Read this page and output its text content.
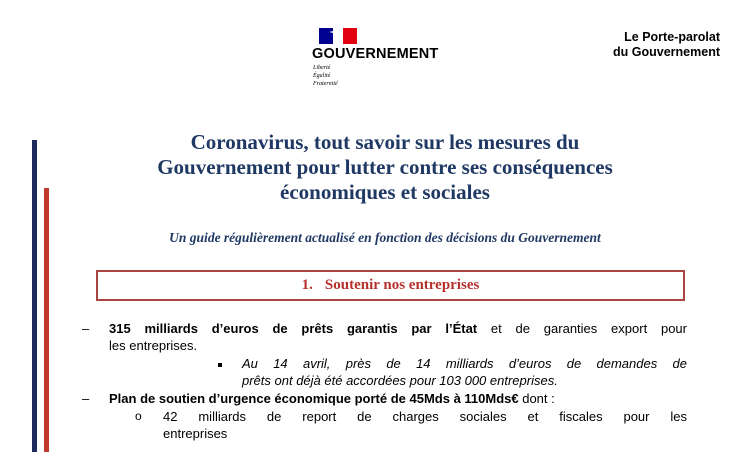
GOUVERNEMENT
Liberté
Égalité
Fraternité
Le Porte-parolat
du Gouvernement
Coronavirus, tout savoir sur les mesures du
Gouvernement pour lutter contre ses conséquences
économiques et sociales
Un guide régulièrement actualisé en fonction des décisions du Gouvernement
1. Soutenir nos entreprises
– 315 milliards d’euros de prêts garantis par l’État et de garanties export pour
les entreprises.
Au 14 avril, près de 14 milliards d’euros de demandes de
prêts ont déjà été accordées pour 103 000 entreprises.
– Plan de soutien d’urgence économique porté de 45Mds à 110Mds€ dont :
o 42 milliards de report de charges sociales et fiscales pour les
entreprises
